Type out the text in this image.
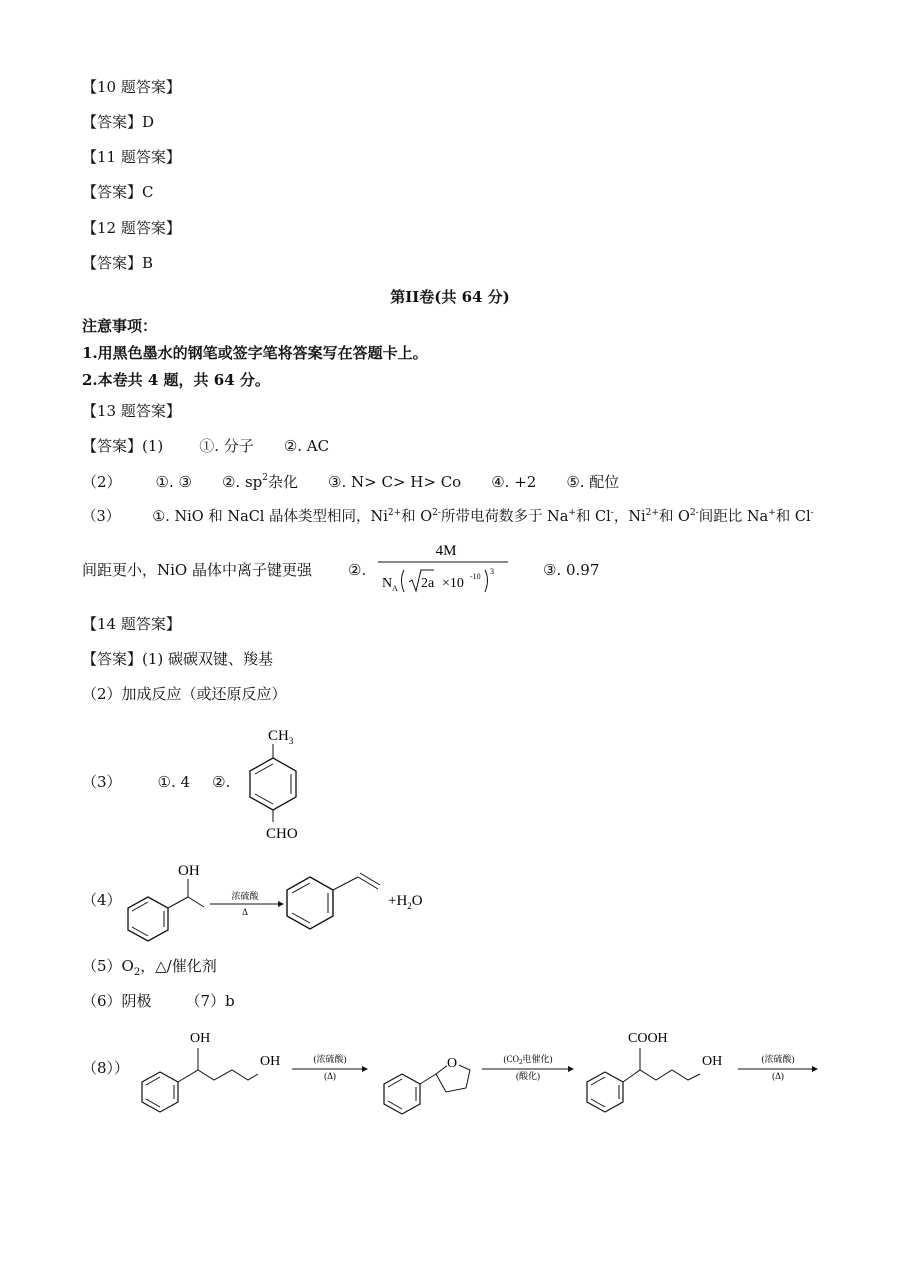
【10 题答案】
【答案】D
【11 题答案】
【答案】C
【12 题答案】
【答案】B
第II卷(共 64 分)
注意事项：
1.用黑色墨水的钢笔或签字笔将答案写在答题卡上。
2.本卷共 4 题，共 64 分。
【13 题答案】
【答案】(1) ①. 分子 ②. AC
（2） ①. ③ ②. $sp^2$杂化 ③. N> C> H> Co ④. +2 ⑤. 配位
（3） ①. NiO 和 NaCl 晶体类型相同，$Ni^{2+}$和 $O^{2-}$所带电荷数多于 Na+和 Cl-，$Ni^{2+}$和 $O^{2-}$间距比 Na+和 Cl-
间距更小，NiO 晶体中离子键更强 ②.
4M
N A 2a ×10 -10
3	③. 0.97
【14 题答案】
【答案】(1) 碳碳双键、羧基
（2）加成反应（或还原反应）
（3） ①. 4 ②.
$CH_3$
CHO
（4）
OH
浓硫酸
Δ
$+H_2O$
$(5)O_2$，△/催化剂
（6）阴极 （7）b
（8））
OH
OH	(浓硫酸)
(Δ)
O	($CO_2$电催化)
(酸化)
COOH
OH	(浓硫酸)
(Δ)
